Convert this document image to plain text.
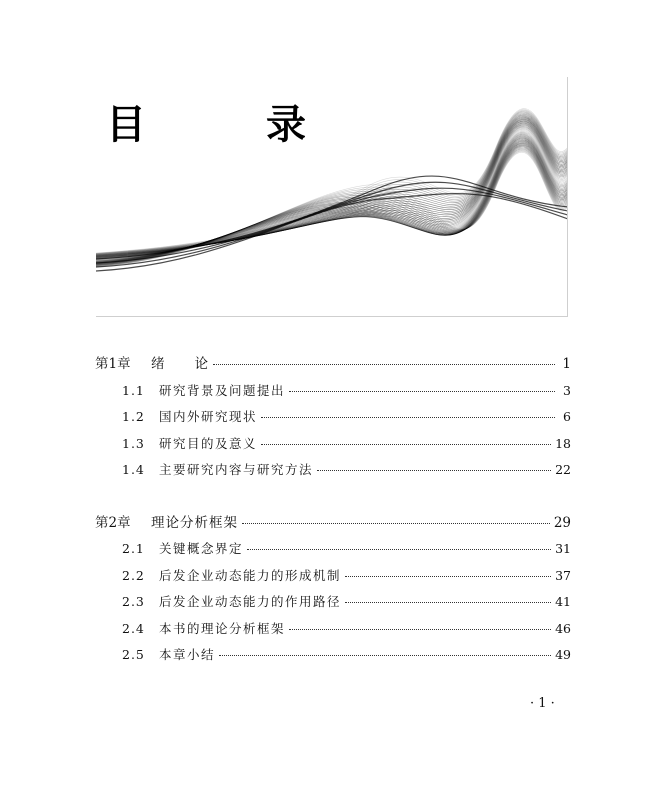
目　录
第1章	绪　　论	1
1.1	研究背景及问题提出	3
1.2	国内外研究现状	6
1.3	研究目的及意义	18
1.4	主要研究内容与研究方法	22
第2章	理论分析框架	29
2.1	关键概念界定	31
2.2	后发企业动态能力的形成机制	37
2.3	后发企业动态能力的作用路径	41
2.4	本书的理论分析框架	46
2.5	本章小结	49
· 1 ·
